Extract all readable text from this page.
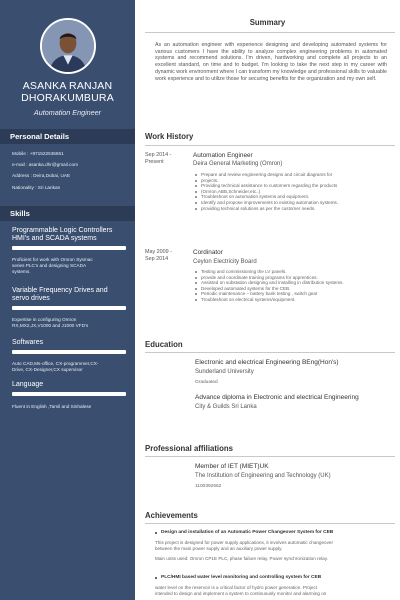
ASANKA RANJAN
DHORAKUMBURA
Automation Engineer
Personal Details
Mobile : +971522536651
e-mail : asanka.dhr@gmail.com
Address : Deira,Dubai, UAE
Nationality : Sri Lankan
Skills
Programmable Logic Controllers
HMI's and SCADA systems
Proficient for work with Omron Sysmac
series PLC's and designing SCADA
systems.
Variable Frequency Drives and
servo drives
Expertise in configuring Omron
RX,MX2,JX,V1000 and J1000 VFD's
Softwares
Auto CAD,Ms-office, CX-programmer,CX-
Drive, CX-Designer,CX supervisor
Language
Fluent in English ,Tamil and Sinhalese
Summary
As an automation engineer with experience designing and developing automated systems for various customers I have the ability to analyze complex engineering problems in automated systems and recommend solutions. I'm driven, hardworking and complete all projects to an excellent standard, on time and to budget. I'm looking to take the next step in my career with dynamic work environment where I can transform my knowledge and professional skills to valuable work experience and to utilize those for securing benefits for the organization and my own self.
Work History
Sep 2014 -
Present
Automation Engineer
Deira General Marketing (Omron)
Prepare and review engineering designs and circuit diagrams for
projects.
Providing technical assistance to customers regarding the products
(Omron,ABB,Schneider,etc..)
Troubleshoot on automation systems and equipment.
Identify and propose improvements to existing automation systems.
providing technical solutions as per the customer needs.
May 2009 -
Sep 2014
Cordinator
Ceylon Electricity Board
Testing and commissioning the LV panels.
provide and coordinate training programs for apprentices.
Assisted on substation designing and installing in distribution systems.
Developed automated systems for the CEB.
Periodic maintenance – battery bank testing , switch gear
Troubleshoot on electrical systems/equipment.
Education
Electronic and electrical Engineering BEng(Hon's)
Sunderland University
Graduated
Advance diploma in Electronic and electrical Engineering
City & Guilds Sri Lanka
Professional affiliations
Member of IET (MIET)UK
The Institution of Engineering and Technology (UK)
1100392662
Achievements
Design and installation of an Automatic Power Changeover System for CEB
This project is designed for power supply applications, it involves automatic changeover
between the main power supply and an auxiliary power supply.
Main units used: Omron CP1E PLC, phase failure relay, Power synchronization relay.
PLC/HMI based water level monitoring and controlling system for CEB
water level on the reservoir is a critical factor of hydro power generation. Project
intended to design and implement a system to continuously monitor and alarming on
